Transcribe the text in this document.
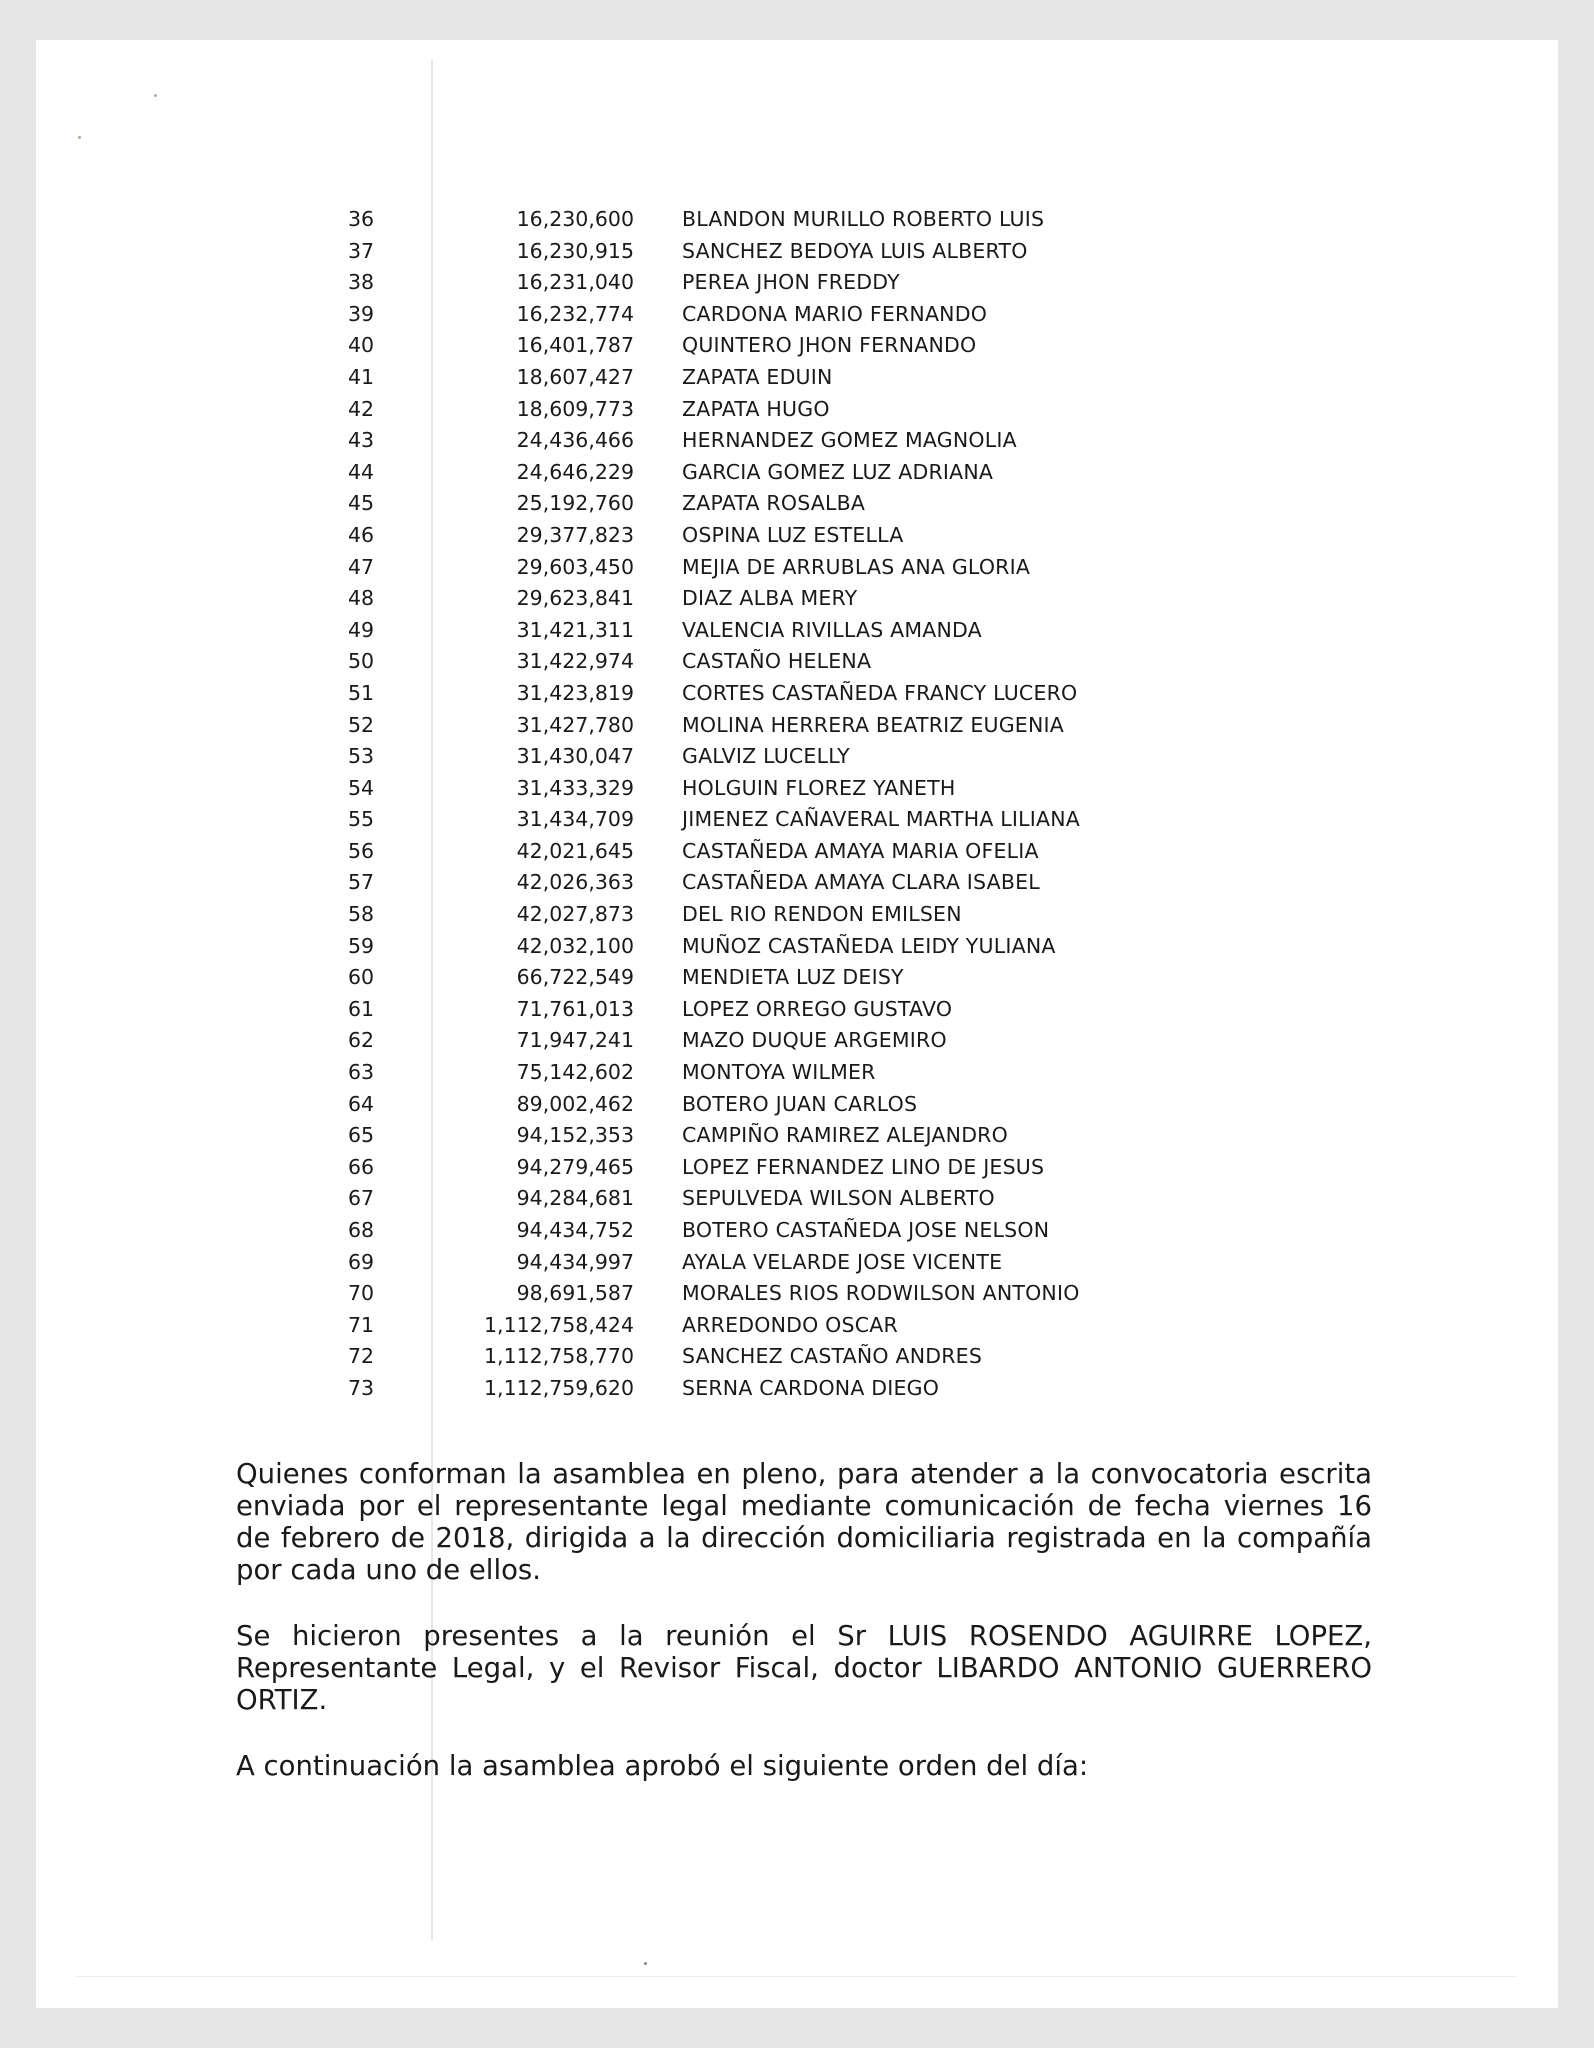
36	16,230,600 BLANDON MURILLO ROBERTO LUIS
37	16,230,915 SANCHEZ BEDOYA LUIS ALBERTO
38	16,231,040 PEREA JHON FREDDY
39	16,232,774 CARDONA MARIO FERNANDO
40	16,401,787 QUINTERO JHON FERNANDO
41	18,607,427 ZAPATA EDUIN
42	18,609,773 ZAPATA HUGO
43	24,436,466 HERNANDEZ GOMEZ MAGNOLIA
44	24,646,229 GARCIA GOMEZ LUZ ADRIANA
45	25,192,760 ZAPATA ROSALBA
46	29,377,823 OSPINA LUZ ESTELLA
47	29,603,450 MEJIA DE ARRUBLAS ANA GLORIA
48	29,623,841 DIAZ ALBA MERY
49	31,421,311 VALENCIA RIVILLAS AMANDA
50	31,422,974 CASTAÑO HELENA
51	31,423,819 CORTES CASTAÑEDA FRANCY LUCERO
52	31,427,780 MOLINA HERRERA BEATRIZ EUGENIA
53	31,430,047 GALVIZ LUCELLY
54	31,433,329 HOLGUIN FLOREZ YANETH
55	31,434,709 JIMENEZ CAÑAVERAL MARTHA LILIANA
56	42,021,645 CASTAÑEDA AMAYA MARIA OFELIA
57	42,026,363 CASTAÑEDA AMAYA CLARA ISABEL
58	42,027,873 DEL RIO RENDON EMILSEN
59	42,032,100 MUÑOZ CASTAÑEDA LEIDY YULIANA
60	66,722,549 MENDIETA LUZ DEISY
61	71,761,013 LOPEZ ORREGO GUSTAVO
62	71,947,241 MAZO DUQUE ARGEMIRO
63	75,142,602 MONTOYA WILMER
64	89,002,462 BOTERO JUAN CARLOS
65	94,152,353 CAMPIÑO RAMIREZ ALEJANDRO
66	94,279,465 LOPEZ FERNANDEZ LINO DE JESUS
67	94,284,681 SEPULVEDA WILSON ALBERTO
68	94,434,752 BOTERO CASTAÑEDA JOSE NELSON
69	94,434,997 AYALA VELARDE JOSE VICENTE
70	98,691,587 MORALES RIOS RODWILSON ANTONIO
71	1,112,758,424 ARREDONDO OSCAR
72	1,112,758,770 SANCHEZ CASTAÑO ANDRES
73	1,112,759,620 SERNA CARDONA DIEGO

Quienes conforman la asamblea en pleno, para atender a la convocatoria escrita enviada por el representante legal mediante comunicación de fecha viernes 16 de febrero de 2018, dirigida a la dirección domiciliaria registrada en la compañía por cada uno de ellos.

Se hicieron presentes a la reunión el Sr LUIS ROSENDO AGUIRRE LOPEZ, Representante Legal, y el Revisor Fiscal, doctor LIBARDO ANTONIO GUERRERO ORTIZ.

A continuación la asamblea aprobó el siguiente orden del día:
